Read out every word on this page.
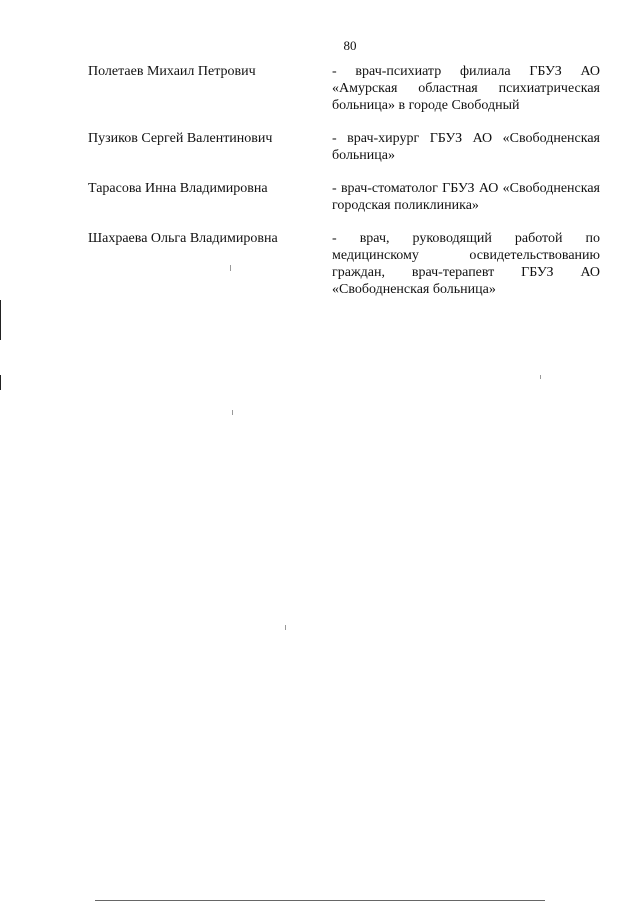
80
Полетаев Михаил Петрович	- врач-психиатр филиала ГБУЗ АО «Амурская областная психиатрическая больница» в городе Свободный
Пузиков Сергей Валентинович	- врач-хирург ГБУЗ АО «Свободненская больница»
Тарасова Инна Владимировна	- врач-стоматолог ГБУЗ АО «Свободненская городская поликлиника»
Шахраева Ольга Владимировна	- врач, руководящий работой по медицинскому освидетельствованию граждан, врач-терапевт ГБУЗ АО «Свободненская больница»
